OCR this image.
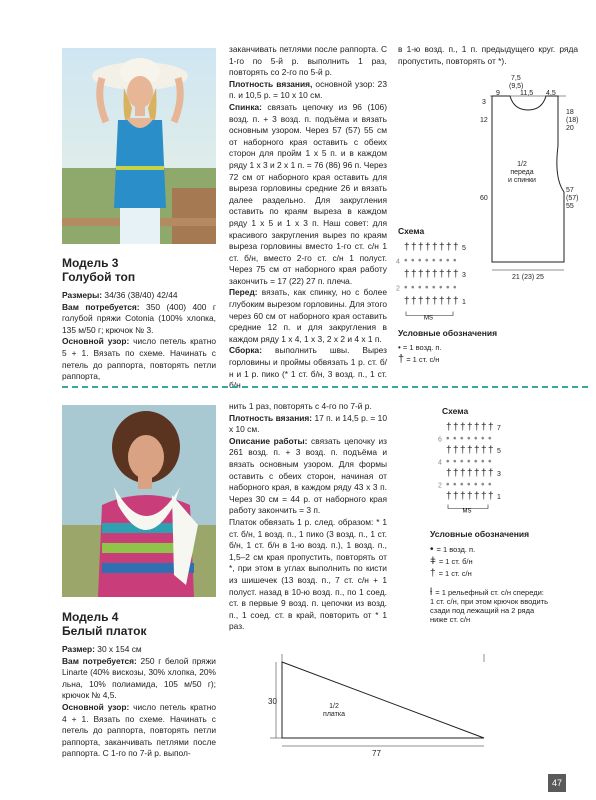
Модель 3
Голубой топ
Размеры: 34/36 (38/40) 42/44
Вам потребуется: 350 (400) 400 г голубой пряжи Cotonia (100% хлопка, 135 м/50 г; крючок № 3.
Основной узор: число петель кратно 5 + 1. Вязать по схеме. Начинать с петель до раппорта, повторять петли раппорта,
заканчивать петлями после раппорта. С 1-го по 5-й р. выполнить 1 раз, повторять со 2-го по 5-й р.
Плотность вязания, основной узор: 23 п. и 10,5 р. = 10 х 10 см.
Спинка: связать цепочку из 96 (106) возд. п. + 3 возд. п. подъёма и вязать основным узором. Через 57 (57) 55 см от наборного края оставить с обеих сторон для пройм 1 х 5 п. и в каждом ряду 1 х 3 и 2 х 1 п. = 76 (86) 96 п. Через 72 см от наборного края оставить для выреза горловины средние 26 и вязать далее раздельно. Для закругления оставить по краям выреза в каждом ряду 1 х 5 и 1 х 3 п. Наш совет: для красивого закругления вырез по краям выреза горловины вместо 1-го ст. с/н 1 ст. б/н, вместо 2-го ст. с/н 1 полуст. Через 75 см от наборного края работу закончить = 17 (22) 27 п. плеча.
Перед: вязать, как спинку, но с более глубоким вырезом горловины. Для этого через 60 см от наборного края оставить средние 12 п. и для закругления в каждом ряду 1 х 4, 1 х 3, 2 х 2 и 4 х 1 п.
Сборка: выполнить швы. Вырез горловины и проймы обвязать 1 р. ст. б/н и 1 р. пико (* 1 ст. б/н, 3 возд. п., 1 ст. б/н
в 1-ю возд. п., 1 п. предыдущего круг. ряда пропустить, повторять от *).
7,5
(9,5)
9	11,5 4,5
3
12
60
18
(18)
20
57
(57)
55
1/2
переда
и спинки
21 (23) 25
Схема
† † † † † † † † 5
• • • • • • • •
4
† † † † † † † † 3
• • • • • • • •
2
† † † † † † † † 1
MS
Условные обозначения
• = 1 возд. п.
† = 1 ст. с/н
Модель 4
Белый платок
Размер: 30 х 154 см
Вам потребуется: 250 г белой пряжи Linarte (40% вискозы, 30% хлопка, 20% льна, 10% полиамида, 105 м/50 г); крючок № 4,5.
Основной узор: число петель кратно 4 + 1. Вязать по схеме. Начинать с петель до раппорта, повторять петли раппорта, заканчивать петлями после раппорта. С 1-го по 7-й р. выпол-
нить 1 раз, повторять с 4-го по 7-й р.
Плотность вязания: 17 п. и 14,5 р. = 10 х 10 см.
Описание работы: связать цепочку из 261 возд. п. + 3 возд. п. подъёма и вязать основным узором. Для формы оставить с обеих сторон, начиная от наборного края, в каждом ряду 43 х 3 п. Через 30 см = 44 р. от наборного края работу закончить = 3 п.
Платок обвязать 1 р. след. образом: * 1 ст. б/н, 1 возд. п., 1 пико (3 возд. п., 1 ст. б/н, 1 ст. б/н в 1-ю возд. п.), 1 возд. п., 1,5–2 см края пропустить, повторять от *, при этом в углах выполнить по кисти из шишечек (13 возд. п., 7 ст. с/н + 1 полуст. назад в 10-ю возд. п., по 1 соед. ст. в первые 9 возд. п. цепочки из возд. п., 1 соед. ст. в край, повторить от * 1 раз.
Схема
† † † † † † † 7
• • • • • • •
6
† † † † † † † 5
• • • • • • •
4
† † † † † † † 3
• • • • • • •
2
† † † † † † † 1
MS
Условные обозначения
• = 1 возд. п.
ǂ = 1 ст. б/н
† = 1 ст. с/н
ƚ = 1 рельефный ст. с/н спереди: 1 ст. с/н, при этом крючок вводить сзади под лежащий на 2 ряда ниже ст. с/н
30
77
1/2
платка
47
